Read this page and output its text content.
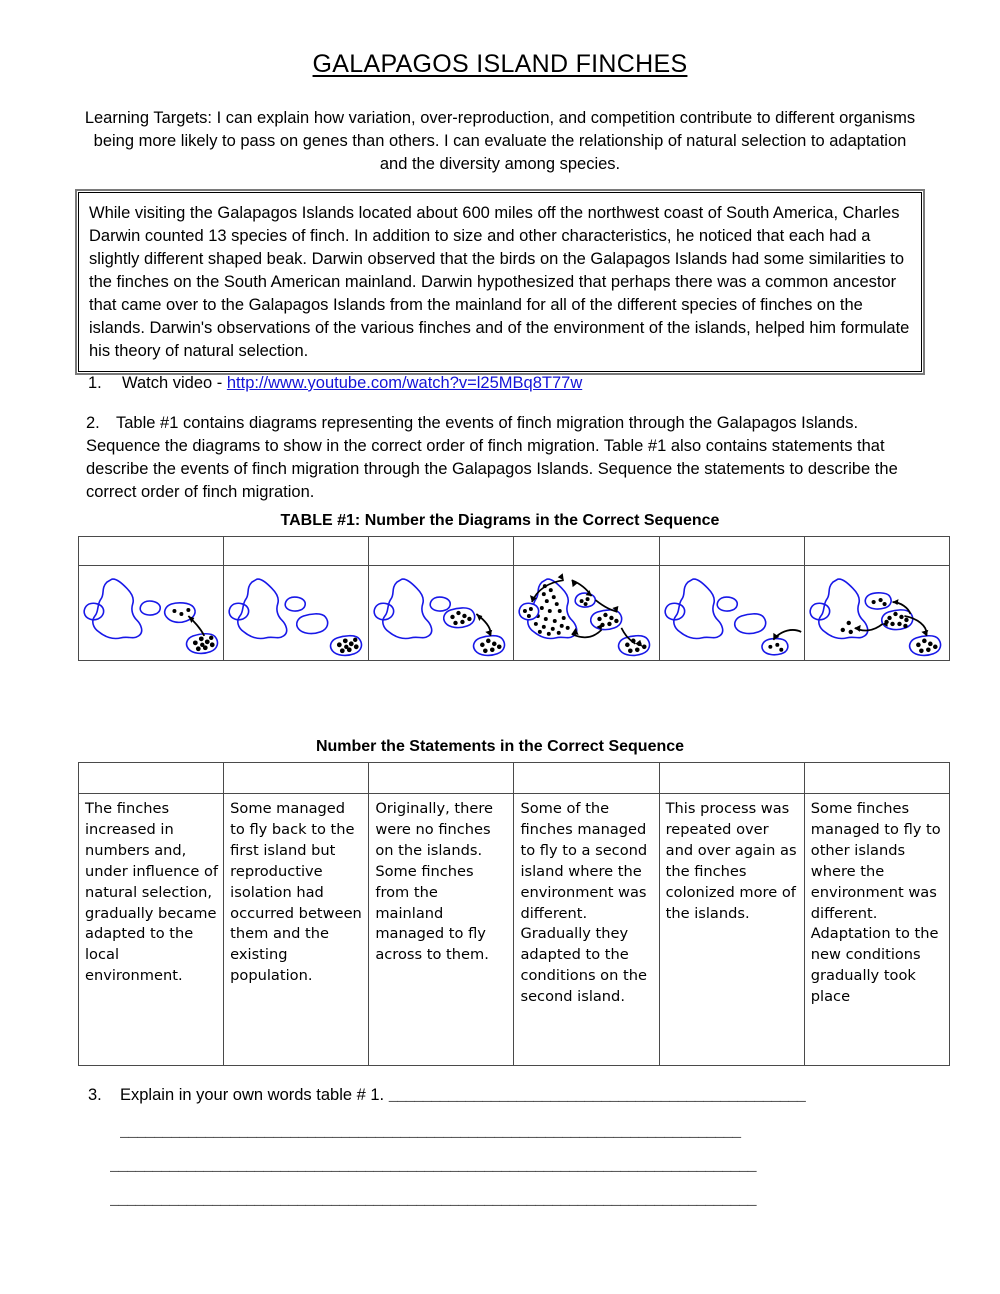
GALAPAGOS ISLAND FINCHES
Learning Targets: I can explain how variation, over-reproduction, and competition contribute to different organisms being more likely to pass on genes than others. I can evaluate the relationship of natural selection to adaptation and the diversity among species.

While visiting the Galapagos Islands located about 600 miles off the northwest coast of South America, Charles Darwin counted 13 species of finch. In addition to size and other characteristics, he noticed that each had a slightly different shaped beak. Darwin observed that the birds on the Galapagos Islands had some similarities to the finches on the South American mainland. Darwin hypothesized that perhaps there was a common ancestor that came over to the Galapagos Islands from the mainland for all of the different species of finches on the islands. Darwin's observations of the various finches and of the environment of the islands, helped him formulate his theory of natural selection.

1. Watch video - http://www.youtube.com/watch?v=l25MBq8T77w
2. Table #1 contains diagrams representing the events of finch migration through the Galapagos Islands. Sequence the diagrams to show in the correct order of finch migration. Table #1 also contains statements that describe the events of finch migration through the Galapagos Islands. Sequence the statements to describe the correct order of finch migration.
TABLE #1: Number the Diagrams in the Correct Sequence

Number the Statements in the Correct Sequence

The finches increased in numbers and, under influence of natural selection, gradually became adapted to the local environment.	Some managed to fly back to the first island but reproductive isolation had occurred between them and the existing population.	Originally, there were no finches on the islands. Some finches from the mainland managed to fly across to them.	Some of the finches managed to fly to a second island where the environment was different. Gradually they adapted to the conditions on the second island.	This process was repeated over and over again as the finches colonized more of the islands.	Some finches managed to fly to other islands where the environment was different. Adaptation to the new conditions gradually took place
3. Explain in your own words table # 1. _________________________________________________
_________________________________________________________________________
____________________________________________________________________________
____________________________________________________________________________
